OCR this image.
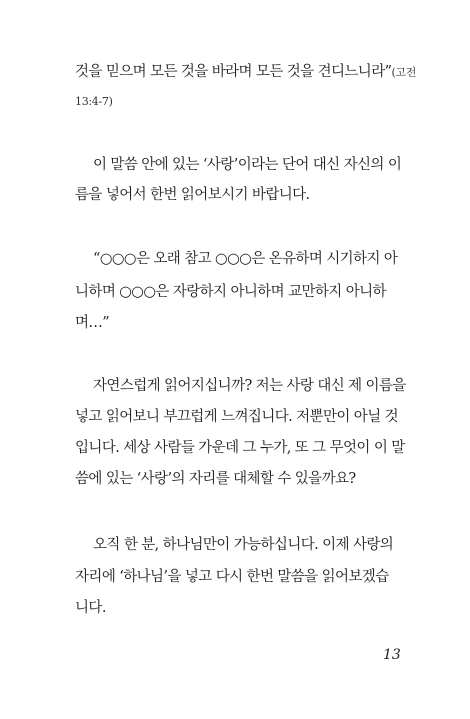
것을 믿으며 모든 것을 바라며 모든 것을 견디느니라”(고전
13:4-7)
이 말씀 안에 있는 ‘사랑’이라는 단어 대신 자신의 이
름을 넣어서 한번 읽어보시기 바랍니다.
“○○○은 오래 참고 ○○○은 온유하며 시기하지 아
니하며 ○○○은 자랑하지 아니하며 교만하지 아니하
며…”
자연스럽게 읽어지십니까? 저는 사랑 대신 제 이름을
넣고 읽어보니 부끄럽게 느껴집니다. 저뿐만이 아닐 것
입니다. 세상 사람들 가운데 그 누가, 또 그 무엇이 이 말
씀에 있는 ‘사랑’의 자리를 대체할 수 있을까요?
오직 한 분, 하나님만이 가능하십니다. 이제 사랑의
자리에 ‘하나님’을 넣고 다시 한번 말씀을 읽어보겠습
니다.
13
